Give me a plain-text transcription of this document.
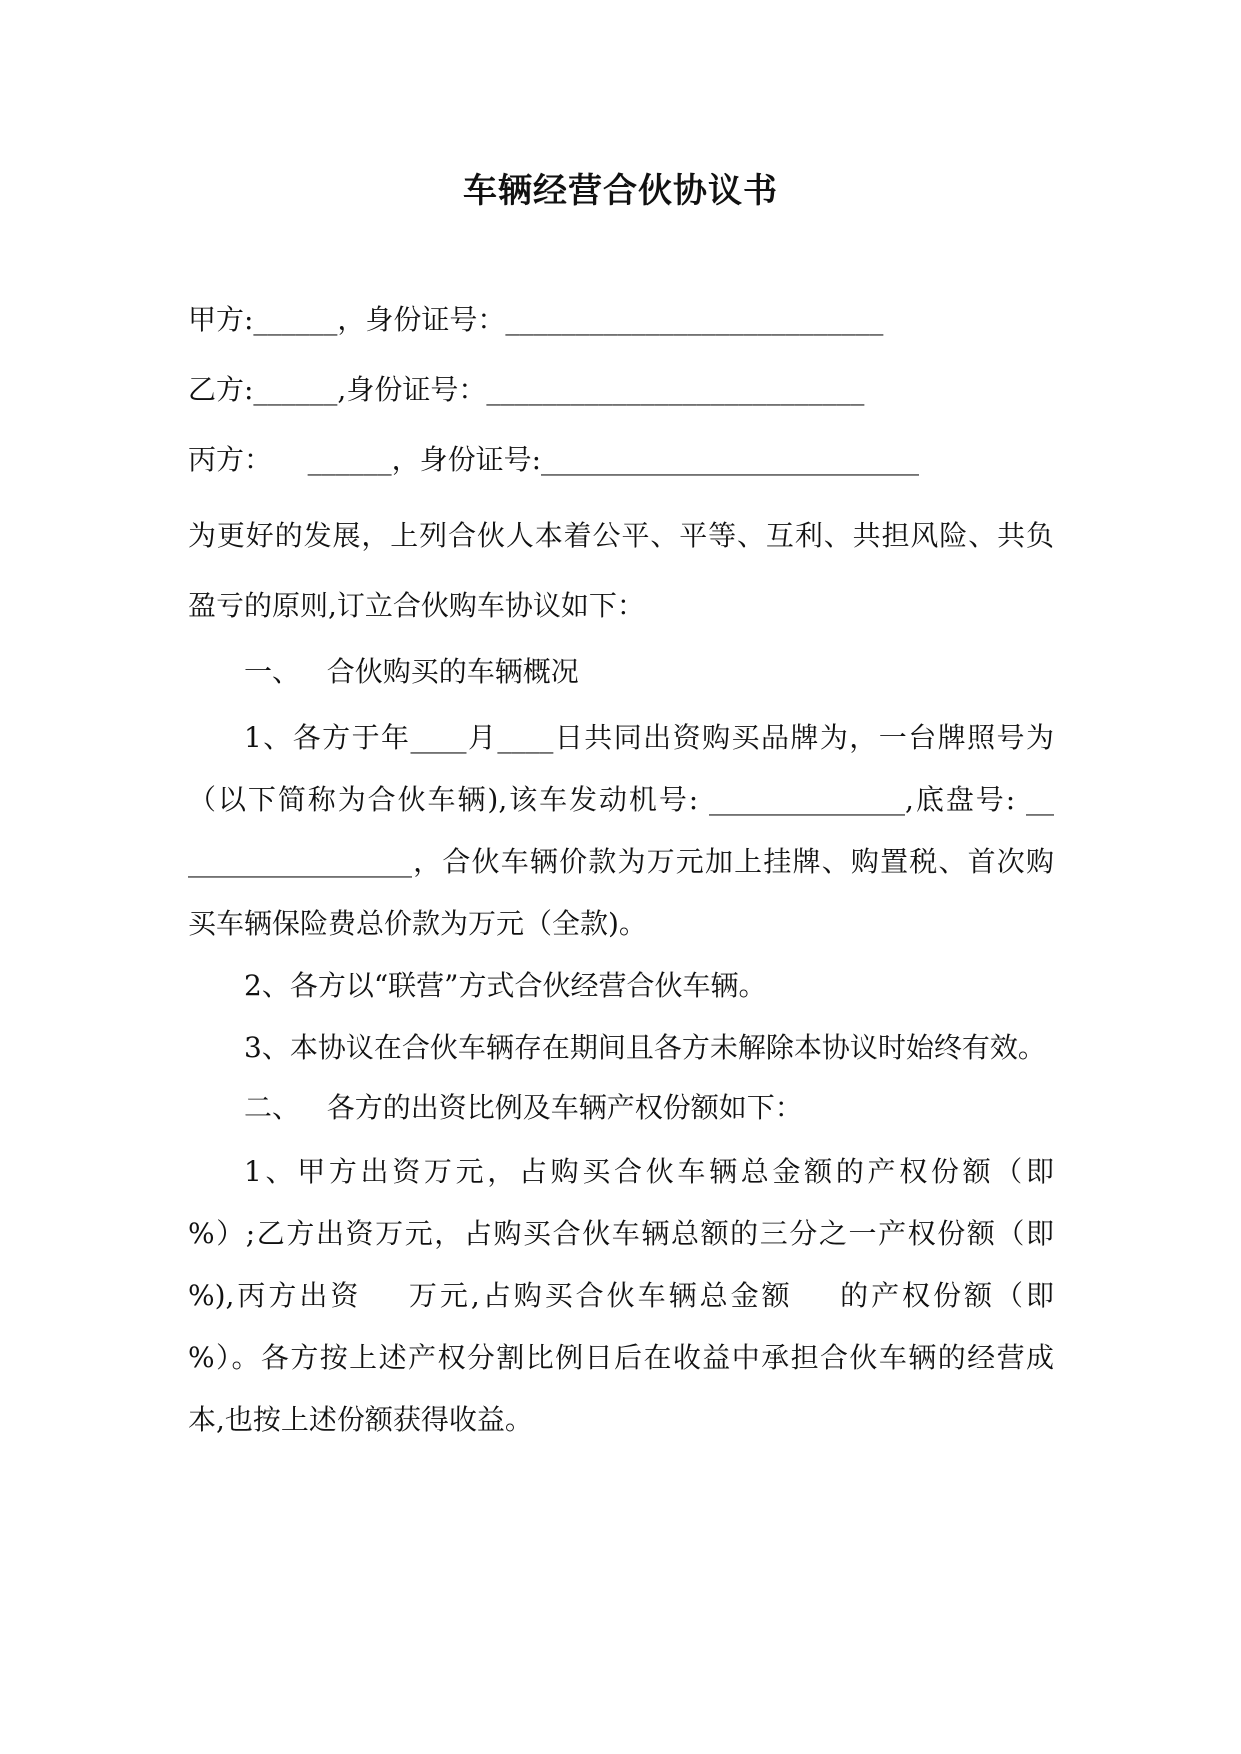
车辆经营合伙协议书
甲方:______，身份证号：___________________________
乙方:______,身份证号：___________________________
丙方：    ______，身份证号:___________________________
为更好的发展，上列合伙人本着公平、平等、互利、共担风险、共负
盈亏的原则,订立合伙购车协议如下：
一、   合伙购买的车辆概况
1、各方于年____月____日共同出资购买品牌为，一台牌照号为
（以下简称为合伙车辆),该车发动机号: ______________,底盘号: __
________________，合伙车辆价款为万元加上挂牌、购置税、首次购
买车辆保险费总价款为万元（全款)。
2、各方以“联营”方式合伙经营合伙车辆。
3、本协议在合伙车辆存在期间且各方未解除本协议时始终有效。
二、   各方的出资比例及车辆产权份额如下：
1、甲方出资万元，占购买合伙车辆总金额的产权份额（即
%）;乙方出资万元，占购买合伙车辆总额的三分之一产权份额（即
%),丙方出资    万元,占购买合伙车辆总金额    的产权份额（即
%）。各方按上述产权分割比例日后在收益中承担合伙车辆的经营成
本,也按上述份额获得收益。
